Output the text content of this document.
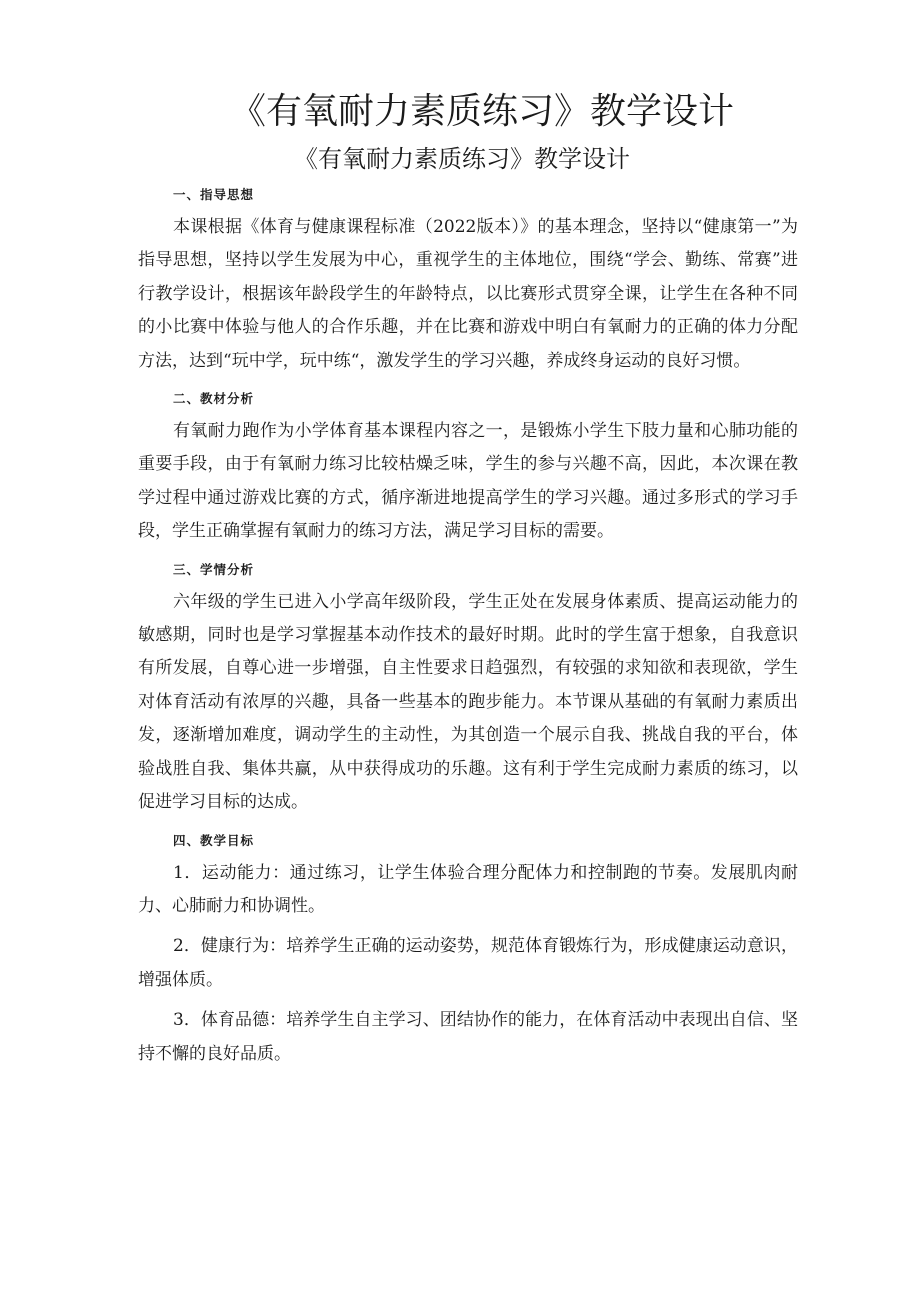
《有氧耐力素质练习》教学设计
《有氧耐力素质练习》教学设计
一、指导思想

本课根据《体育与健康课程标准（2022版本）》的基本理念，坚持以“健康第一”为指导思想，坚持以学生发展为中心，重视学生的主体地位，围绕“学会、勤练、常赛”进行教学设计，根据该年龄段学生的年龄特点，以比赛形式贯穿全课，让学生在各种不同的小比赛中体验与他人的合作乐趣，并在比赛和游戏中明白有氧耐力的正确的体力分配方法，达到“玩中学，玩中练“，激发学生的学习兴趣，养成终身运动的良好习惯。

二、教材分析

有氧耐力跑作为小学体育基本课程内容之一，是锻炼小学生下肢力量和心肺功能的重要手段，由于有氧耐力练习比较枯燥乏味，学生的参与兴趣不高，因此，本次课在教学过程中通过游戏比赛的方式，循序渐进地提高学生的学习兴趣。通过多形式的学习手段，学生正确掌握有氧耐力的练习方法，满足学习目标的需要。

三、学情分析

六年级的学生已进入小学高年级阶段，学生正处在发展身体素质、提高运动能力的敏感期，同时也是学习掌握基本动作技术的最好时期。此时的学生富于想象，自我意识有所发展，自尊心进一步增强，自主性要求日趋强烈，有较强的求知欲和表现欲，学生对体育活动有浓厚的兴趣，具备一些基本的跑步能力。本节课从基础的有氧耐力素质出发，逐渐增加难度，调动学生的主动性，为其创造一个展示自我、挑战自我的平台，体验战胜自我、集体共赢，从中获得成功的乐趣。这有利于学生完成耐力素质的练习，以促进学习目标的达成。

四、教学目标

1．运动能力：通过练习，让学生体验合理分配体力和控制跑的节奏。发展肌肉耐力、心肺耐力和协调性。

2．健康行为：培养学生正确的运动姿势，规范体育锻炼行为，形成健康运动意识，增强体质。

3．体育品德：培养学生自主学习、团结协作的能力，在体育活动中表现出自信、坚持不懈的良好品质。
